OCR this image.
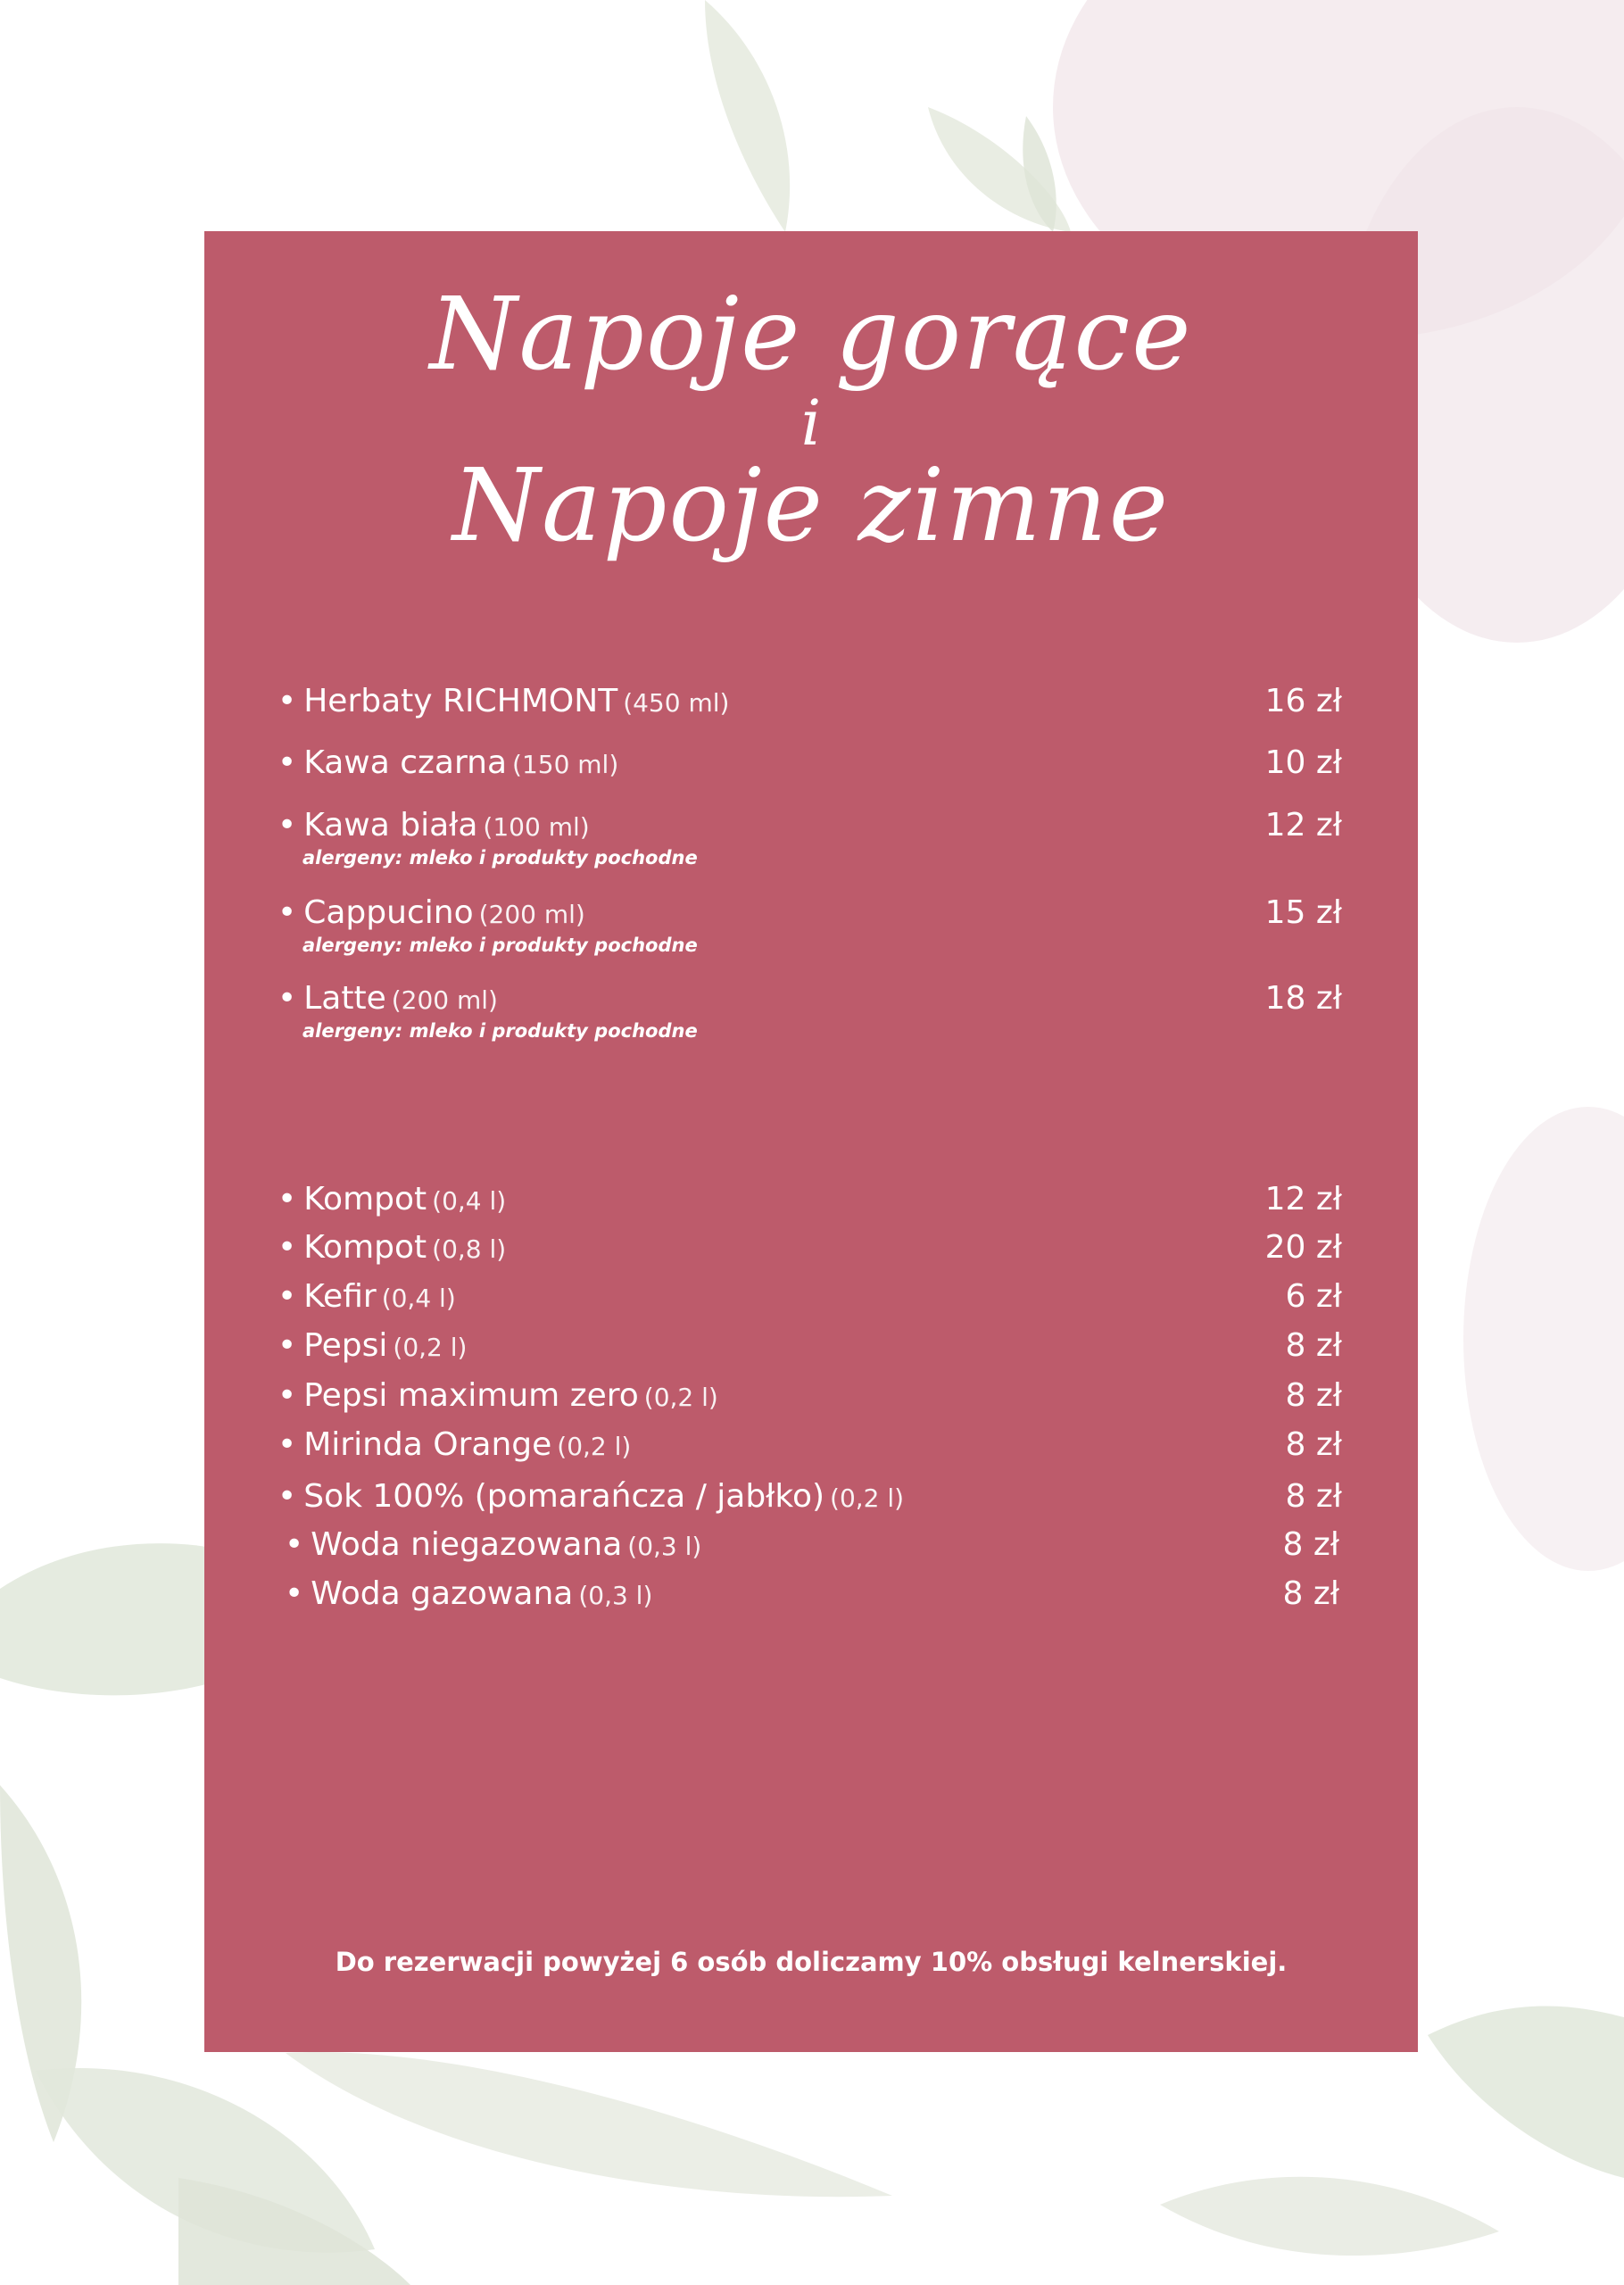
Napoje gorące
i
Napoje zimne
• Herbaty RICHMONT (450 ml)	16 zł
• Kawa czarna (150 ml)	10 zł
• Kawa biała (100 ml)
alergeny: mleko i produkty pochodne
12 zł
• Cappucino (200 ml)
alergeny: mleko i produkty pochodne
15 zł
• Latte (200 ml)
alergeny: mleko i produkty pochodne
18 zł
• Kompot (0,4 l)	12 zł
• Kompot (0,8 l)	20 zł
• Kefir (0,4 l)	6 zł
• Pepsi (0,2 l)	8 zł
• Pepsi maximum zero (0,2 l)	8 zł
• Mirinda Orange (0,2 l)	8 zł
• Sok 100% (pomarańcza / jabłko) (0,2 l)	8 zł
• Woda niegazowana (0,3 l)	8 zł
• Woda gazowana (0,3 l)	8 zł
Do rezerwacji powyżej 6 osób doliczamy 10% obsługi kelnerskiej.
